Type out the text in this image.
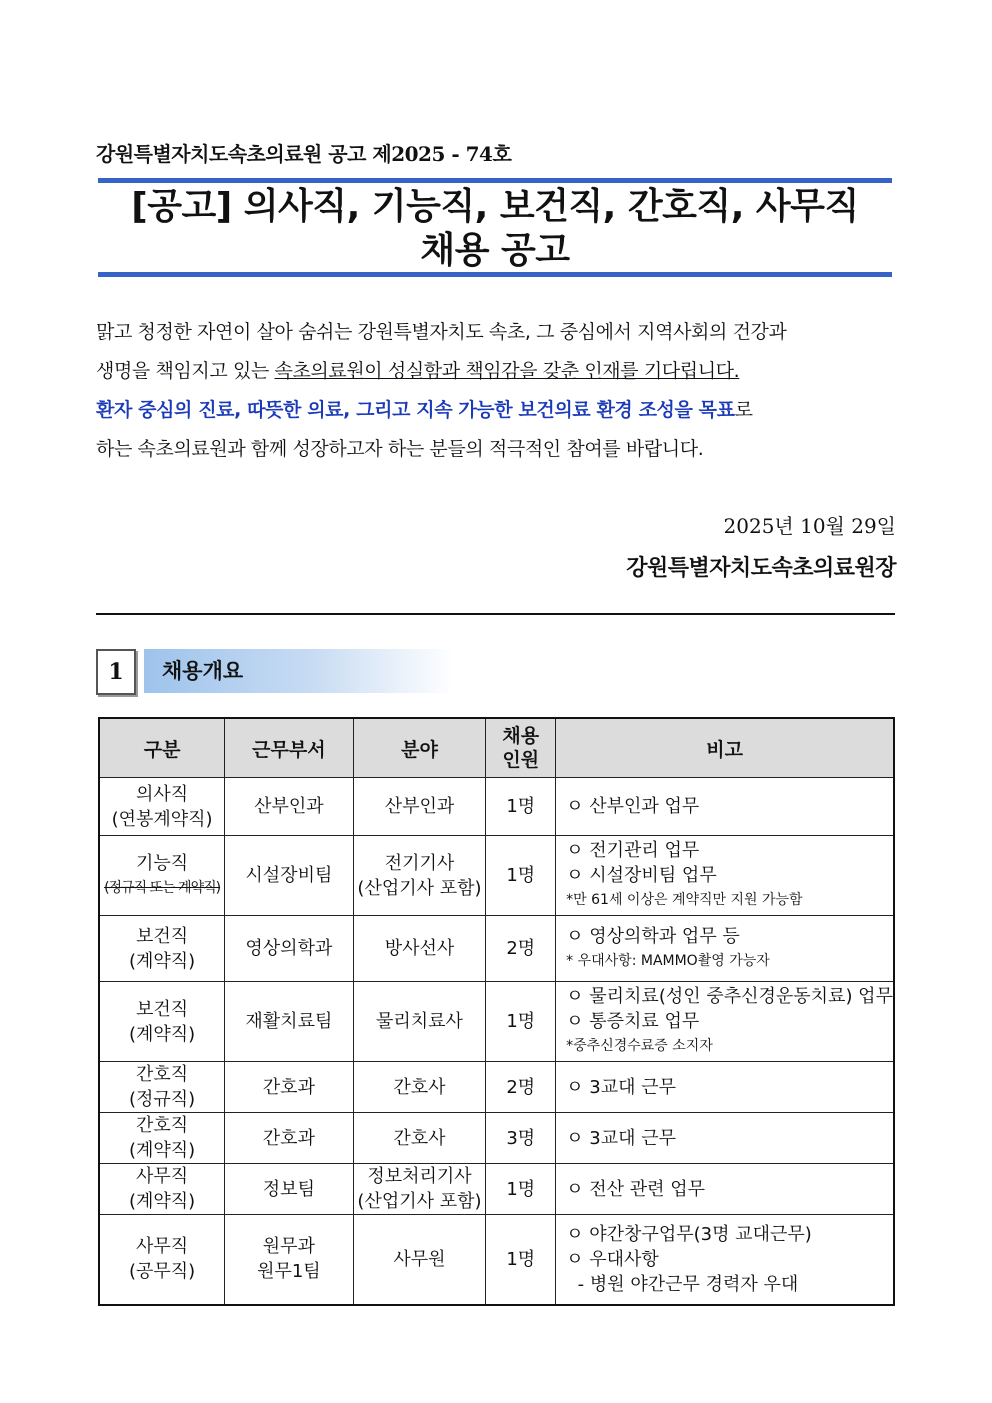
강원특별자치도속초의료원 공고 제2025 - 74호
[공고] 의사직, 기능직, 보건직, 간호직, 사무직
채용 공고

맑고 청정한 자연이 살아 숨쉬는 강원특별자치도 속초, 그 중심에서 지역사회의 건강과

생명을 책임지고 있는 속초의료원이 성실함과 책임감을 갖춘 인재를 기다립니다.

환자 중심의 진료, 따뜻한 의료, 그리고 지속 가능한 보건의료 환경 조성을 목표로

하는 속초의료원과 함께 성장하고자 하는 분들의 적극적인 참여를 바랍니다.

2025년 10월 29일
강원특별자치도속초의료원장
1	채용개요
구분	근무부서	분야	채용
인원	비고

의사직
(연봉계약직)	산부인과	산부인과	1명	ㅇ 산부인과 업무

기능직
(정규직 또는 계약직)	시설장비팀	전기기사
(산업기사 포함)	1명	ㅇ 전기관리 업무
ㅇ 시설장비팀 업무
*만 61세 이상은 계약직만 지원 가능함

보건직
(계약직)	영상의학과	방사선사	2명	ㅇ 영상의학과 업무 등
* 우대사항: MAMMO촬영 가능자

보건직
(계약직)	재활치료팀	물리치료사	1명	ㅇ 물리치료(성인 중추신경운동치료) 업무
ㅇ 통증치료 업무
*중추신경수료증 소지자

간호직
(정규직)	간호과	간호사	2명	ㅇ 3교대 근무

간호직
(계약직)	간호과	간호사	3명	ㅇ 3교대 근무

사무직
(계약직)	정보팀	정보처리기사
(산업기사 포함)	1명	ㅇ 전산 관련 업무

사무직
(공무직)	원무과
원무1팀	사무원	1명	ㅇ 야간창구업무(3명 교대근무)
ㅇ 우대사항
- 병원 야간근무 경력자 우대
